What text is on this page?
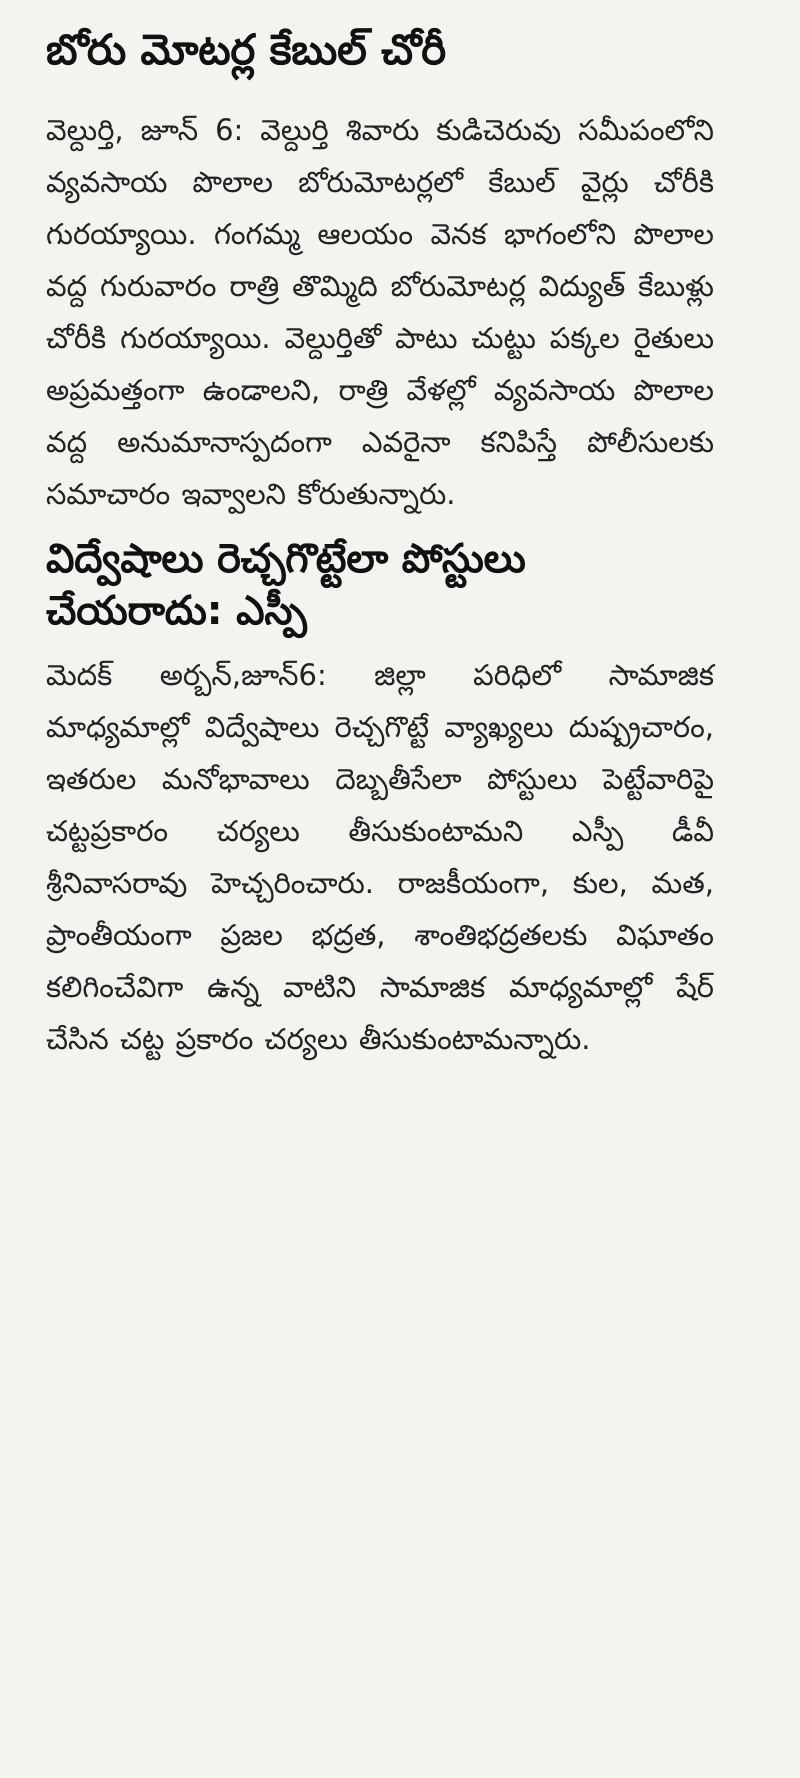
బోరు మోటర్ల కేబుల్ చోరీ

వెల్దుర్తి, జూన్ 6: వెల్దుర్తి శివారు కుడిచెరువు సమీపంలోని వ్యవసాయ పొలాల బోరుమోటర్లలో కేబుల్ వైర్లు చోరీకి గురయ్యాయి. గంగమ్మ ఆలయం వెనక భాగంలోని పొలాల వద్ద గురువారం రాత్రి తొమ్మిది బోరుమోటర్ల విద్యుత్ కేబుళ్లు చోరీకి గురయ్యాయి. వెల్దుర్తితో పాటు చుట్టు పక్కల రైతులు అప్రమత్తంగా ఉండాలని, రాత్రి వేళల్లో వ్యవసాయ పొలాల వద్ద అనుమానాస్పదంగా ఎవరైనా కనిపిస్తే పోలీసులకు సమాచారం ఇవ్వాలని కోరుతున్నారు.

విద్వేషాలు రెచ్చగొట్టేలా పోస్టులు చేయరాదు: ఎస్పీ

మెదక్ అర్బన్,జూన్6: జిల్లా పరిధిలో సామాజిక మాధ్యమాల్లో విద్వేషాలు రెచ్చగొట్టే వ్యాఖ్యలు దుష్ప్రచారం, ఇతరుల మనోభావాలు దెబ్బతీసేలా పోస్టులు పెట్టేవారిపై చట్టప్రకారం చర్యలు తీసుకుంటామని ఎస్పీ డీవీ శ్రీనివాసరావు హెచ్చరించారు. రాజకీయంగా, కుల, మత, ప్రాంతీయంగా ప్రజల భద్రత, శాంతిభద్రతలకు విఘాతం కలిగించేవిగా ఉన్న వాటిని సామాజిక మాధ్యమాల్లో షేర్ చేసిన చట్ట ప్రకారం చర్యలు తీసుకుంటామన్నారు.
